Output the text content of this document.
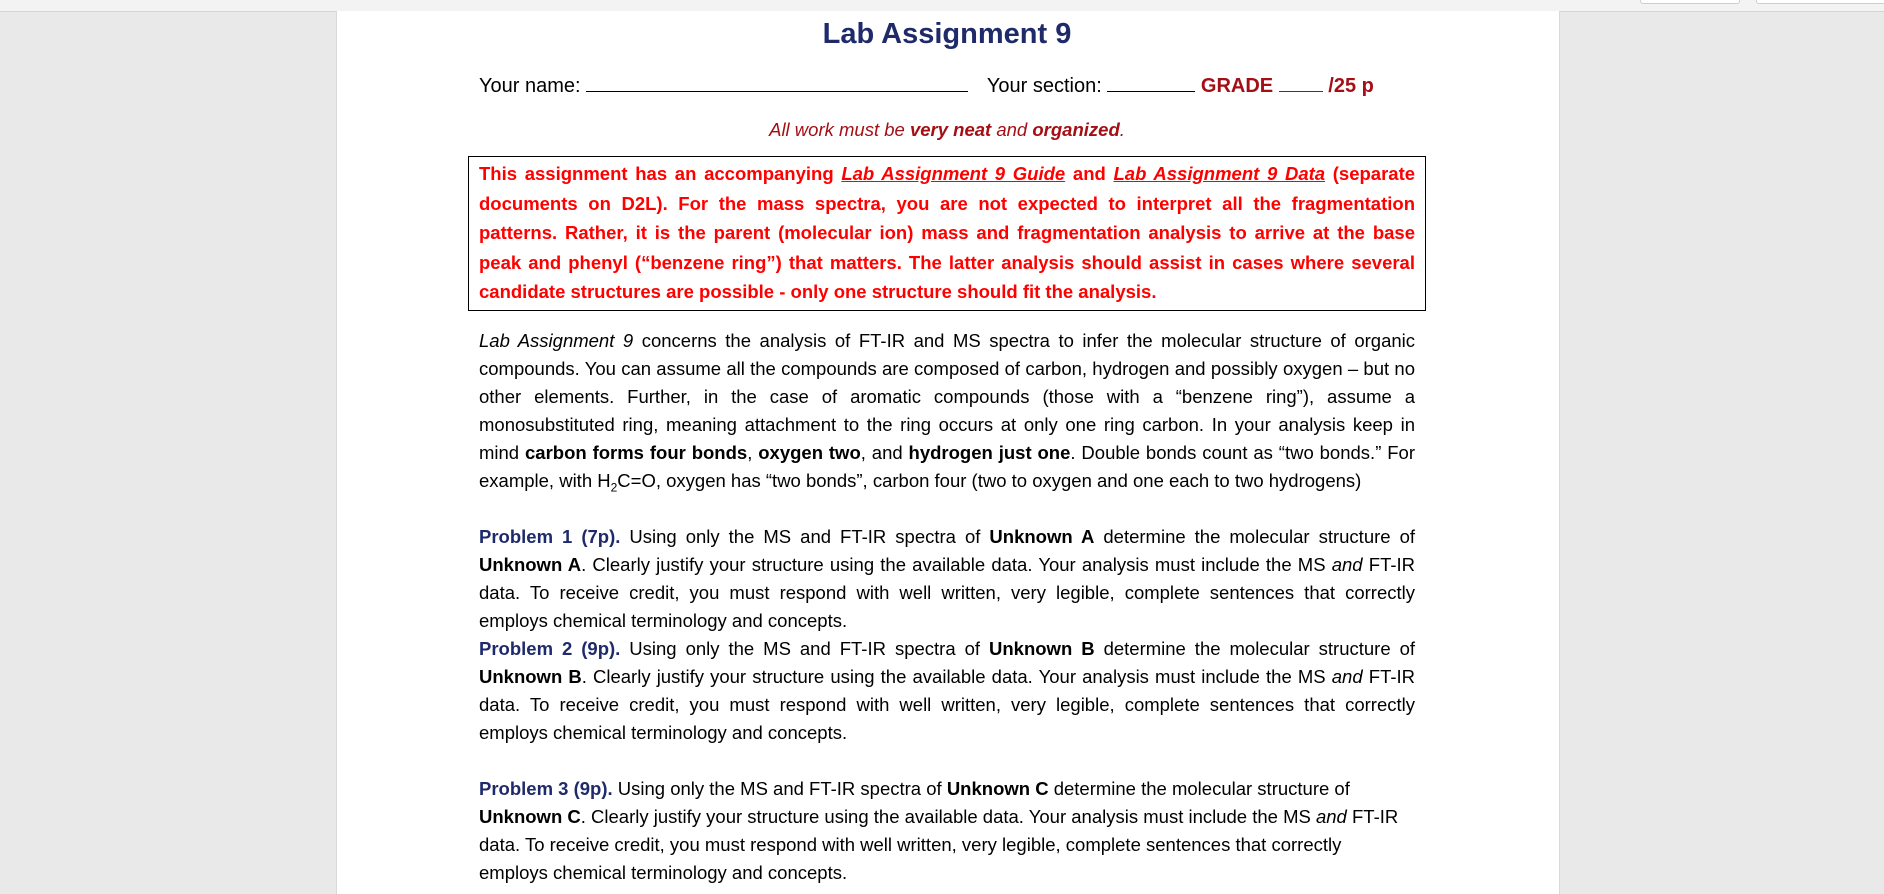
Lab Assignment 9
Your name:	Your section:	GRADE	/25 p
All work must be very neat and organized.
This assignment has an accompanying Lab Assignment 9 Guide and Lab Assignment 9 Data (separate documents on D2L). For the mass spectra, you are not expected to interpret all the fragmentation patterns. Rather, it is the parent (molecular ion) mass and fragmentation analysis to arrive at the base peak and phenyl (“benzene ring”) that matters. The latter analysis should assist in cases where several candidate structures are possible - only one structure should fit the analysis.

Lab Assignment 9 concerns the analysis of FT-IR and MS spectra to infer the molecular structure of organic compounds. You can assume all the compounds are composed of carbon, hydrogen and possibly oxygen – but no other elements. Further, in the case of aromatic compounds (those with a “benzene ring”), assume a monosubstituted ring, meaning attachment to the ring occurs at only one ring carbon. In your analysis keep in mind carbon forms four bonds, oxygen two, and hydrogen just one. Double bonds count as “two bonds.” For example, with $H_2C=O$, oxygen has “two bonds”, carbon four (two to oxygen and one each to two hydrogens)

Problem 1 (7p). Using only the MS and FT-IR spectra of Unknown A determine the molecular structure of Unknown A. Clearly justify your structure using the available data. Your analysis must include the MS and FT-IR data. To receive credit, you must respond with well written, very legible, complete sentences that correctly employs chemical terminology and concepts.

Problem 2 (9p). Using only the MS and FT-IR spectra of Unknown B determine the molecular structure of Unknown B. Clearly justify your structure using the available data. Your analysis must include the MS and FT-IR data. To receive credit, you must respond with well written, very legible, complete sentences that correctly employs chemical terminology and concepts.

Problem 3 (9p). Using only the MS and FT-IR spectra of Unknown C determine the molecular structure of Unknown C. Clearly justify your structure using the available data. Your analysis must include the MS and FT-IR data. To receive credit, you must respond with well written, very legible, complete sentences that correctly employs chemical terminology and concepts.
